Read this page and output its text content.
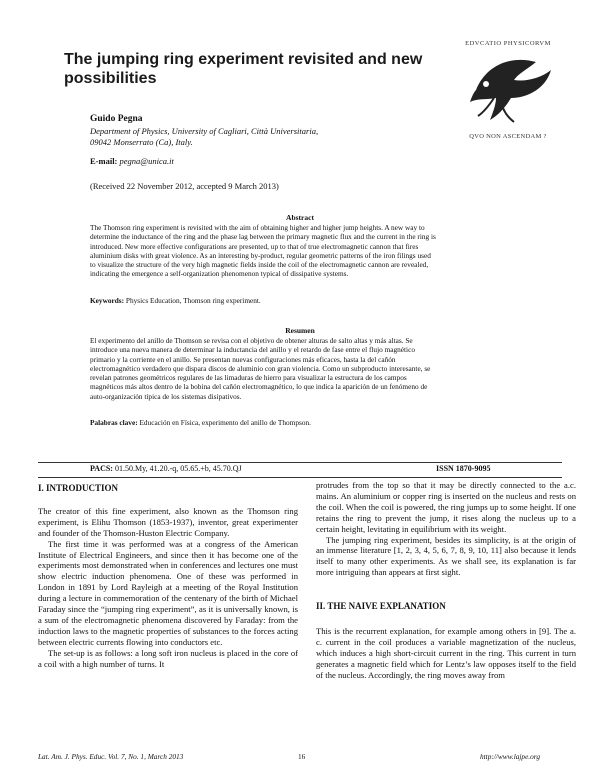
The jumping ring experiment revisited and new possibilities
EDVCATIO PHYSICORVM
QVO NON ASCENDAM ?
Guido Pegna
Department of Physics, University of Cagliari, Città Universitaria,
09042 Monserrato (Ca), Italy.
E-mail: pegna@unica.it
(Received 22 November 2012, accepted 9 March 2013)
Abstract
The Thomson ring experiment is revisited with the aim of obtaining higher and higher jump heights. A new way to
determine the inductance of the ring and the phase lag between the primary magnetic flux and the current in the ring is
introduced. New more effective configurations are presented, up to that of true electromagnetic cannon that fires
aluminium disks with great violence. As an interesting by-product, regular geometric patterns of the iron filings used
to visualize the structure of the very high magnetic fields inside the coil of the electromagnetic cannon are revealed,
indicating the emergence a self-organization phenomenon typical of dissipative systems.
Keywords: Physics Education, Thomson ring experiment.
Resumen
El experimento del anillo de Thomson se revisa con el objetivo de obtener alturas de salto altas y más altas. Se
introduce una nueva manera de determinar la inductancia del anillo y el retardo de fase entre el flujo magnético
primario y la corriente en el anillo. Se presentan nuevas configuraciones más eficaces, hasta la del cañón
electromagnético verdadero que dispara discos de aluminio con gran violencia. Como un subproducto interesante, se
revelan patrones geométricos regulares de las limaduras de hierro para visualizar la estructura de los campos
magnéticos más altos dentro de la bobina del cañón electromagnético, lo que indica la aparición de un fenómeno de
auto-organización típica de los sistemas disipativos.
Palabras clave: Educación en Física, experimento del anillo de Thompson.
PACS: 01.50.My, 41.20.-q, 05.65.+b, 45.70.QJ	ISSN 1870-9095
I. INTRODUCTION

The creator of this fine experiment, also known as the Thomson ring experiment, is Elihu Thomson (1853-1937), inventor, great experimenter and founder of the Thomson-Huston Electric Company.

The first time it was performed was at a congress of the American Institute of Electrical Engineers, and since then it has become one of the experiments most demonstrated when in conferences and lectures one must show electric induction phenomena. One of these was performed in London in 1891 by Lord Rayleigh at a meeting of the Royal Institution during a lecture in commemoration of the centenary of the birth of Michael Faraday since the “jumping ring experiment”, as it is universally known, is a sum of the electromagnetic phenomena discovered by Faraday: from the induction laws to the magnetic properties of substances to the forces acting between electric currents flowing into conductors etc.

The set-up is as follows: a long soft iron nucleus is placed in the core of a coil with a high number of turns. It

protrudes from the top so that it may be directly connected to the a.c. mains. An aluminium or copper ring is inserted on the nucleus and rests on the coil. When the coil is powered, the ring jumps up to some height. If one retains the ring to prevent the jump, it rises along the nucleus up to a certain height, levitating in equilibrium with its weight.

The jumping ring experiment, besides its simplicity, is at the origin of an immense literature [1, 2, 3, 4, 5, 6, 7, 8, 9, 10, 11] also because it lends itself to many other experiments. As we shall see, its explanation is far more intriguing than appears at first sight.

II. THE NAIVE EXPLANATION

This is the recurrent explanation, for example among others in [9]. The a. c. current in the coil produces a variable magnetization of the nucleus, which induces a high short-circuit current in the ring. This current in turn generates a magnetic field which for Lentz’s law opposes itself to the field of the nucleus. Accordingly, the ring moves away from

Lat. Am. J. Phys. Educ. Vol. 7, No. 1, March 2013	16	http://www.lajpe.org
